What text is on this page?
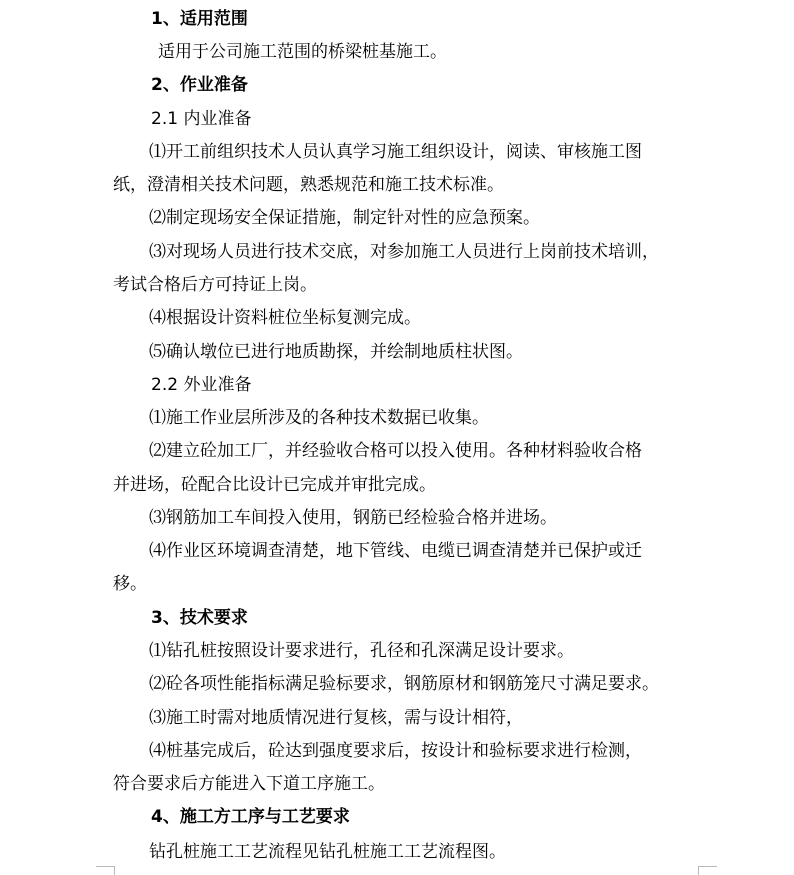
1、适用范围
适用于公司施工范围的桥梁桩基施工。
2、作业准备
2.1 内业准备
⑴开工前组织技术人员认真学习施工组织设计，阅读、审核施工图
纸，澄清相关技术问题，熟悉规范和施工技术标准。
⑵制定现场安全保证措施，制定针对性的应急预案。
⑶对现场人员进行技术交底，对参加施工人员进行上岗前技术培训，
考试合格后方可持证上岗。
⑷根据设计资料桩位坐标复测完成。
⑸确认墩位已进行地质勘探，并绘制地质柱状图。
2.2 外业准备
⑴施工作业层所涉及的各种技术数据已收集。
⑵建立砼加工厂，并经验收合格可以投入使用。各种材料验收合格
并进场，砼配合比设计已完成并审批完成。
⑶钢筋加工车间投入使用，钢筋已经检验合格并进场。
⑷作业区环境调查清楚，地下管线、电缆已调查清楚并已保护或迁
移。
3、技术要求
⑴钻孔桩按照设计要求进行，孔径和孔深满足设计要求。
⑵砼各项性能指标满足验标要求，钢筋原材和钢筋笼尺寸满足要求。
⑶施工时需对地质情况进行复核，需与设计相符，
⑷桩基完成后，砼达到强度要求后，按设计和验标要求进行检测，
符合要求后方能进入下道工序施工。
4、施工方工序与工艺要求
钻孔桩施工工艺流程见钻孔桩施工工艺流程图。
